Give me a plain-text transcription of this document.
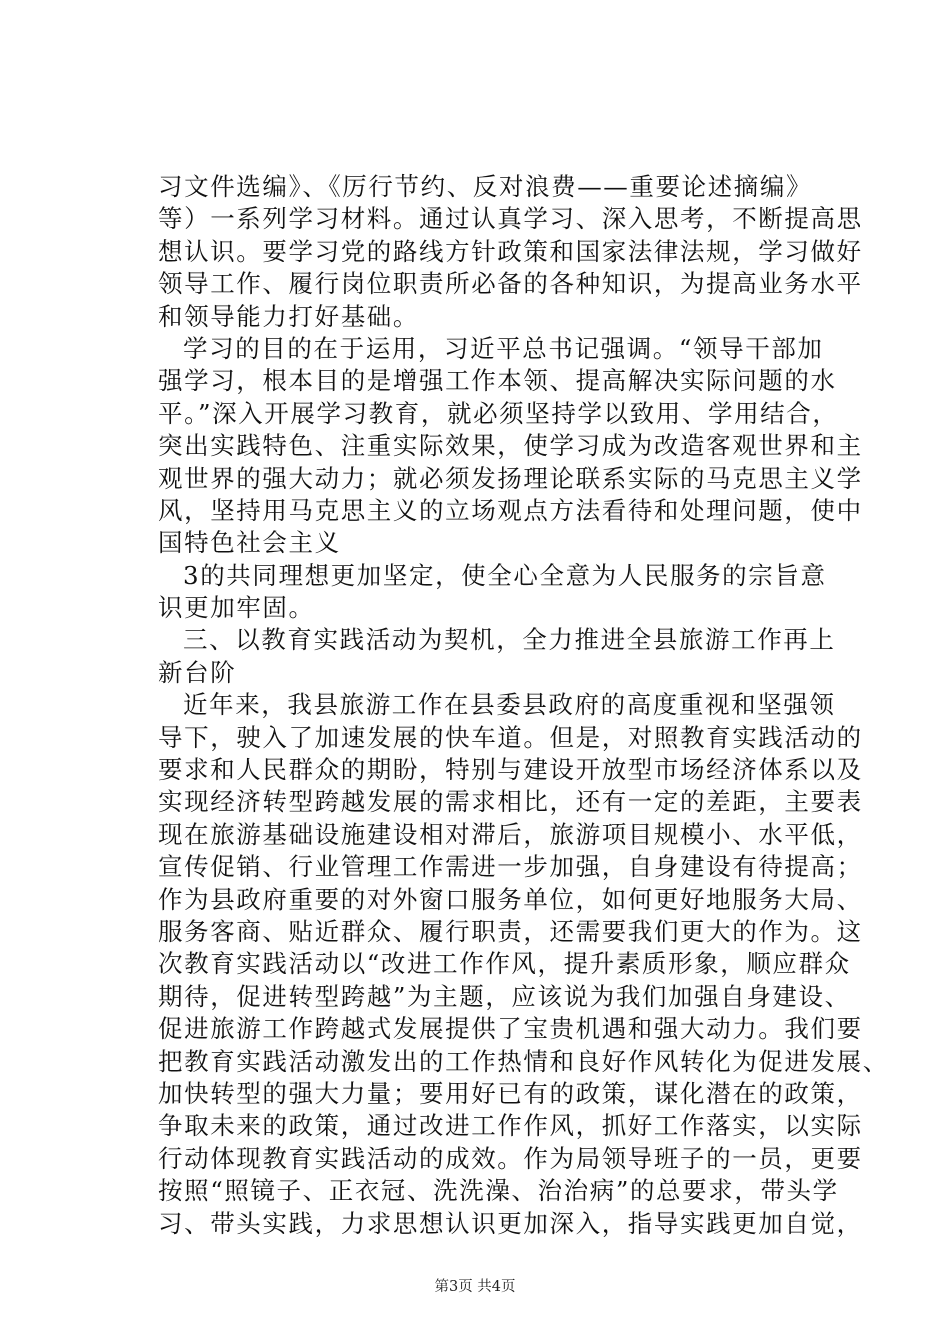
习文件选编》、《厉行节约、反对浪费——重要论述摘编》
等）一系列学习材料。通过认真学习、深入思考，不断提高思
想认识。要学习党的路线方针政策和国家法律法规，学习做好
领导工作、履行岗位职责所必备的各种知识，为提高业务水平
和领导能力打好基础。
学习的目的在于运用，习近平总书记强调。“领导干部加
强学习，根本目的是增强工作本领、提高解决实际问题的水
平。”深入开展学习教育，就必须坚持学以致用、学用结合，
突出实践特色、注重实际效果，使学习成为改造客观世界和主
观世界的强大动力；就必须发扬理论联系实际的马克思主义学
风，坚持用马克思主义的立场观点方法看待和处理问题，使中
国特色社会主义
3的共同理想更加坚定，使全心全意为人民服务的宗旨意
识更加牢固。
三、以教育实践活动为契机，全力推进全县旅游工作再上
新台阶
近年来，我县旅游工作在县委县政府的高度重视和坚强领
导下，驶入了加速发展的快车道。但是，对照教育实践活动的
要求和人民群众的期盼，特别与建设开放型市场经济体系以及
实现经济转型跨越发展的需求相比，还有一定的差距，主要表
现在旅游基础设施建设相对滞后，旅游项目规模小、水平低，
宣传促销、行业管理工作需进一步加强，自身建设有待提高；
作为县政府重要的对外窗口服务单位，如何更好地服务大局、
服务客商、贴近群众、履行职责，还需要我们更大的作为。这
次教育实践活动以“改进工作作风，提升素质形象，顺应群众
期待，促进转型跨越”为主题，应该说为我们加强自身建设、
促进旅游工作跨越式发展提供了宝贵机遇和强大动力。我们要
把教育实践活动激发出的工作热情和良好作风转化为促进发展、
加快转型的强大力量；要用好已有的政策，谋化潜在的政策，
争取未来的政策，通过改进工作作风，抓好工作落实，以实际
行动体现教育实践活动的成效。作为局领导班子的一员，更要
按照“照镜子、正衣冠、洗洗澡、治治病”的总要求，带头学
习、带头实践，力求思想认识更加深入，指导实践更加自觉，
第3页 共4页
